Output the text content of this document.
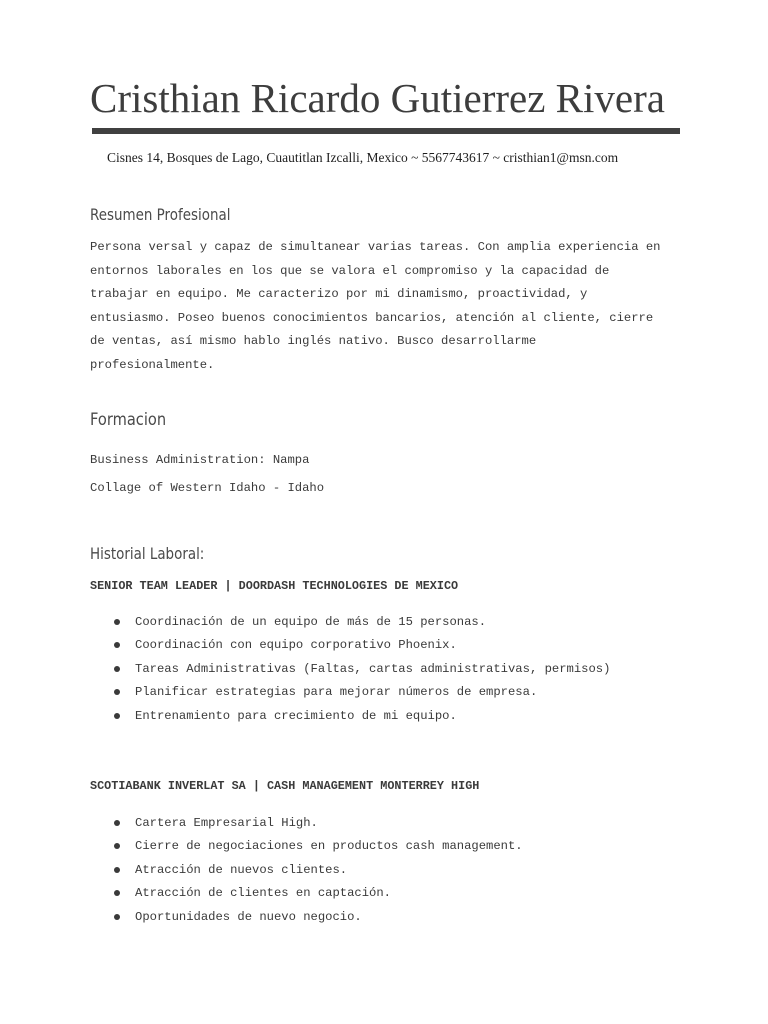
Cristhian Ricardo Gutierrez Rivera
Cisnes 14, Bosques de Lago, Cuautitlan Izcalli, Mexico ~ 5567743617 ~ cristhian1@msn.com
Resumen Profesional

Persona versal y capaz de simultanear varias tareas. Con amplia experiencia en entornos laborales en los que se valora el compromiso y la capacidad de trabajar en equipo. Me caracterizo por mi dinamismo, proactividad, y entusiasmo. Poseo buenos conocimientos bancarios, atención al cliente, cierre de ventas, así mismo hablo inglés nativo. Busco desarrollarme profesionalmente.

Formacion

Business Administration: Nampa

Collage of Western Idaho - Idaho

Historial Laboral:
SENIOR TEAM LEADER | DOORDASH TECHNOLOGIES DE MEXICO
Coordinación de un equipo de más de 15 personas.
Coordinación con equipo corporativo Phoenix.
Tareas Administrativas (Faltas, cartas administrativas, permisos)
Planificar estrategias para mejorar números de empresa.
Entrenamiento para crecimiento de mi equipo.
SCOTIABANK INVERLAT SA | CASH MANAGEMENT MONTERREY HIGH
Cartera Empresarial High.
Cierre de negociaciones en productos cash management.
Atracción de nuevos clientes.
Atracción de clientes en captación.
Oportunidades de nuevo negocio.
